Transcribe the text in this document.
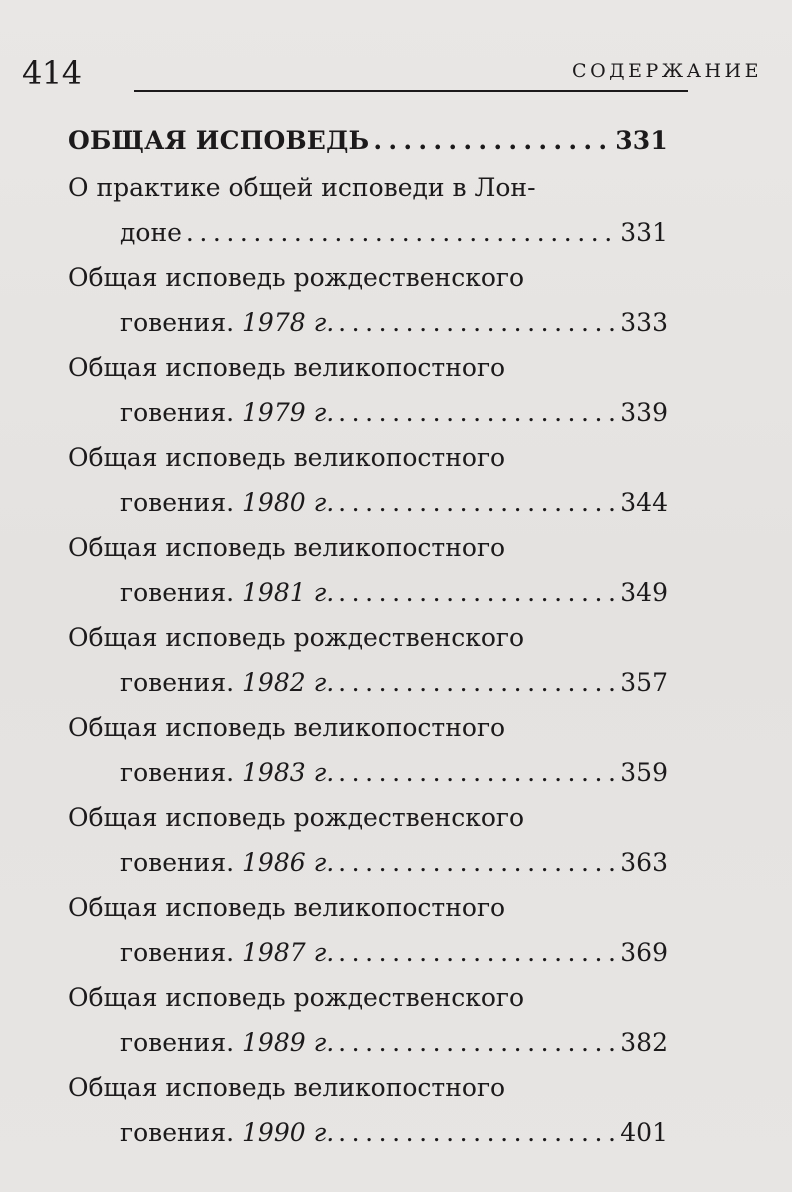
414	СОДЕРЖАНИЕ
ОБЩАЯ ИСПОВЕДЬ . . .	331
О практике общей исповеди в Лон-
доне . . .	331
Общая исповедь рождественского
говения.
1978 г. . . .	333
Общая исповедь великопостного
говения.
1979 г. . . .	339
Общая исповедь великопостного
говения.
1980 г. . . .	344
Общая исповедь великопостного
говения.
1981 г. . . .	349
Общая исповедь рождественского
говения.
1982 г. . . .	357
Общая исповедь великопостного
говения.
1983 г. . . .	359
Общая исповедь рождественского
говения.
1986 г. . . .	363
Общая исповедь великопостного
говения.
1987 г. . . .	369
Общая исповедь рождественского
говения.
1989 г. . . .	382
Общая исповедь великопостного
говения.
1990 г. . . .	401
